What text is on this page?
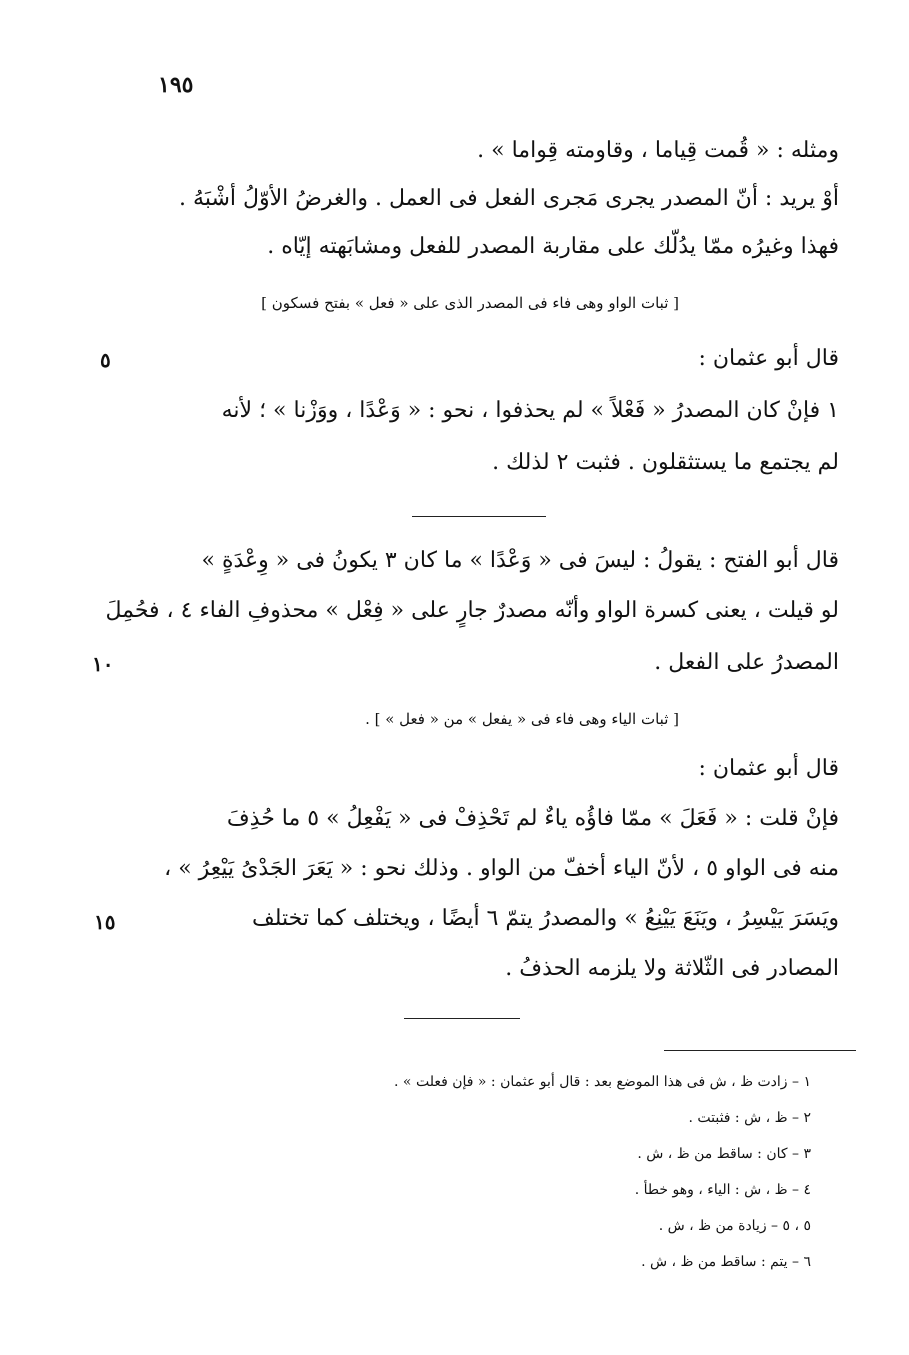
١٩٥
ومثله : « قُمت قِياما ، وقاومته قِواما » .
أوْ يريد : أنّ المصدر يجرى مَجرى الفعل فى العمل . والغرضُ الأوّلُ أشْبَهُ .
فهذا وغيرُه ممّا يدُلّك على مقاربة المصدر للفعل ومشابَهته إيّاه .
[ ثبات الواو وهى فاء فى المصدر الذى على « فعل » بفتح فسكون ]
٥	قال أبو عثمان :
١ فإنْ كان المصدرُ « فَعْلاً » لم يحذفوا ، نحو : « وَعْدًا ، ووَزْنا » ؛ لأنه
لم يجتمع ما يستثقلون . فثبت ٢ لذلك .
قال أبو الفتح : يقولُ : ليسَ فى « وَعْدًا » ما كان ٣ يكونُ فى « وِعْدَةٍ »
لو قيلت ، يعنى كسرة الواو وأنّه مصدرٌ جارٍ على « فِعْل » محذوفِ الفاء ٤ ، فحُمِلَ
١٠	المصدرُ على الفعل .
[ ثبات الياء وهى فاء فى « يفعل » من « فعل » ] .
قال أبو عثمان :
فإنْ قلت : « فَعَلَ » ممّا فاؤُه ياءٌ لم تَحْذِفْ فى « يَفْعِلُ » ٥ ما حُذِفَ
منه فى الواو ٥ ، لأنّ الياء أخفّ من الواو . وذلك نحو : « يَعَرَ الجَدْىُ يَيْعِرُ » ،
١٥	ويَسَرَ يَيْسِرُ ، ويَنَعَ يَيْنِعُ » والمصدرُ يتمّ ٦ أيضًا ، ويختلف كما تختلف
المصادر فى الثّلاثة ولا يلزمه الحذفُ .
١ – زادت ظ ، ش فى هذا الموضع بعد : قال أبو عثمان : « فإن فعلت » .
٢ – ظ ، ش : فثبتت .
٣ – كان : ساقط من ظ ، ش .
٤ – ظ ، ش : الياء ، وهو خطأ .
٥ ، ٥ – زيادة من ظ ، ش .
٦ – يتم : ساقط من ظ ، ش .
